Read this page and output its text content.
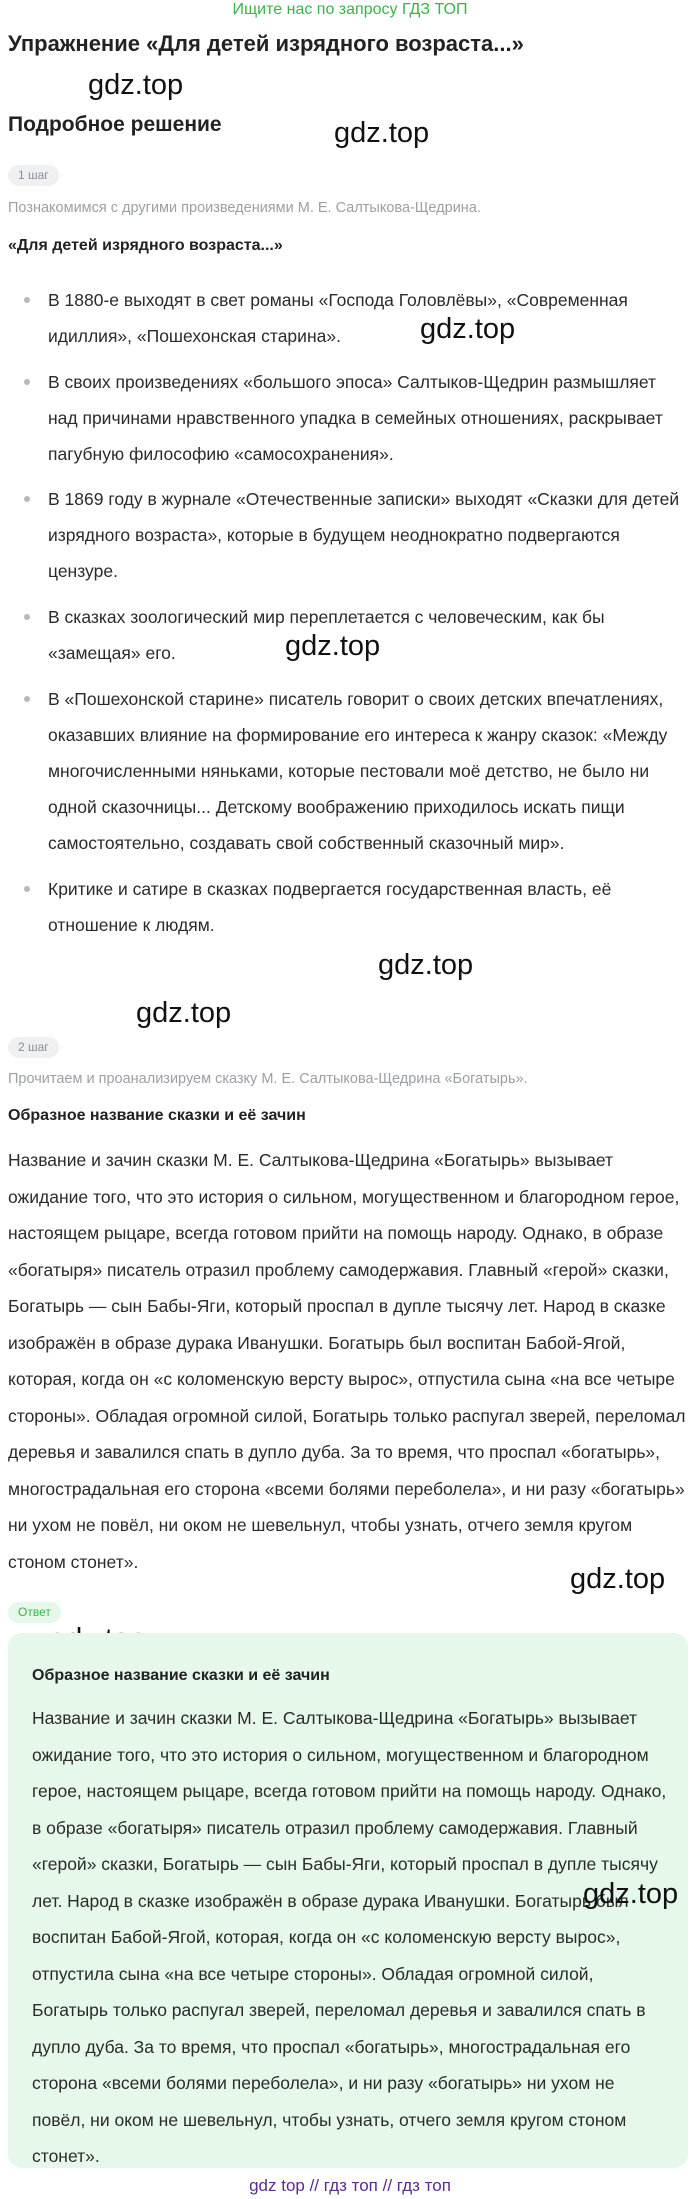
Ищите нас по запросу ГДЗ ТОП
Упражнение «Для детей изрядного возраста...»
Подробное решение
gdz.top
gdz.top
gdz.top
gdz.top
gdz.top
gdz.top
gdz.top
1 шаг
Познакомимся с другими произведениями М. Е. Салтыкова-Щедрина.
«Для детей изрядного возраста...»
В 1880-е выходят в свет романы «Господа Головлёвы», «Современная идиллия», «Пошехонская старина».
В своих произведениях «большого эпоса» Салтыков-Щедрин размышляет над причинами нравственного упадка в семейных отношениях, раскрывает пагубную философию «самосохранения».
В 1869 году в журнале «Отечественные записки» выходят «Сказки для детей изрядного возраста», которые в будущем неоднократно подвергаются цензуре.
В сказках зоологический мир переплетается с человеческим, как бы «замещая» его.
В «Пошехонской старине» писатель говорит о своих детских впечатлениях, оказавших влияние на формирование его интереса к жанру сказок: «Между многочисленными няньками, которые пестовали моё детство, не было ни одной сказочницы... Детскому воображению приходилось искать пищи самостоятельно, создавать свой собственный сказочный мир».
Критике и сатире в сказках подвергается государственная власть, её отношение к людям.
2 шаг
Прочитаем и проанализируем сказку М. Е. Салтыкова-Щедрина «Богатырь».
Образное название сказки и её зачин
Название и зачин сказки М. Е. Салтыкова-Щедрина «Богатырь» вызывает ожидание того, что это история о сильном, могущественном и благородном герое, настоящем рыцаре, всегда готовом прийти на помощь народу. Однако, в образе «богатыря» писатель отразил проблему самодержавия. Главный «герой» сказки, Богатырь — сын Бабы-Яги, который проспал в дупле тысячу лет. Народ в сказке изображён в образе дурака Иванушки. Богатырь был воспитан Бабой-Ягой, которая, когда он «с коломенскую версту вырос», отпустила сына «на все четыре стороны». Обладая огромной силой, Богатырь только распугал зверей, переломал деревья и завалился спать в дупло дуба. За то время, что проспал «богатырь», многострадальная его сторона «всеми болями переболела», и ни разу «богатырь» ни ухом не повёл, ни оком не шевельнул, чтобы узнать, отчего земля кругом стоном стонет».
Ответ
Образное название сказки и её зачин
Название и зачин сказки М. Е. Салтыкова-Щедрина «Богатырь» вызывает ожидание того, что это история о сильном, могущественном и благородном герое, настоящем рыцаре, всегда готовом прийти на помощь народу. Однако, в образе «богатыря» писатель отразил проблему самодержавия. Главный «герой» сказки, Богатырь — сын Бабы-Яги, который проспал в дупле тысячу лет. Народ в сказке изображён в образе дурака Иванушки. Богатырь был воспитан Бабой-Ягой, которая, когда он «с коломенскую версту вырос», отпустила сына «на все четыре стороны». Обладая огромной силой, Богатырь только распугал зверей, переломал деревья и завалился спать в дупло дуба. За то время, что проспал «богатырь», многострадальная его сторона «всеми болями переболела», и ни разу «богатырь» ни ухом не повёл, ни оком не шевельнул, чтобы узнать, отчего земля кругом стоном стонет».
gdz.top
gdz top // гдз топ // гдз топ
